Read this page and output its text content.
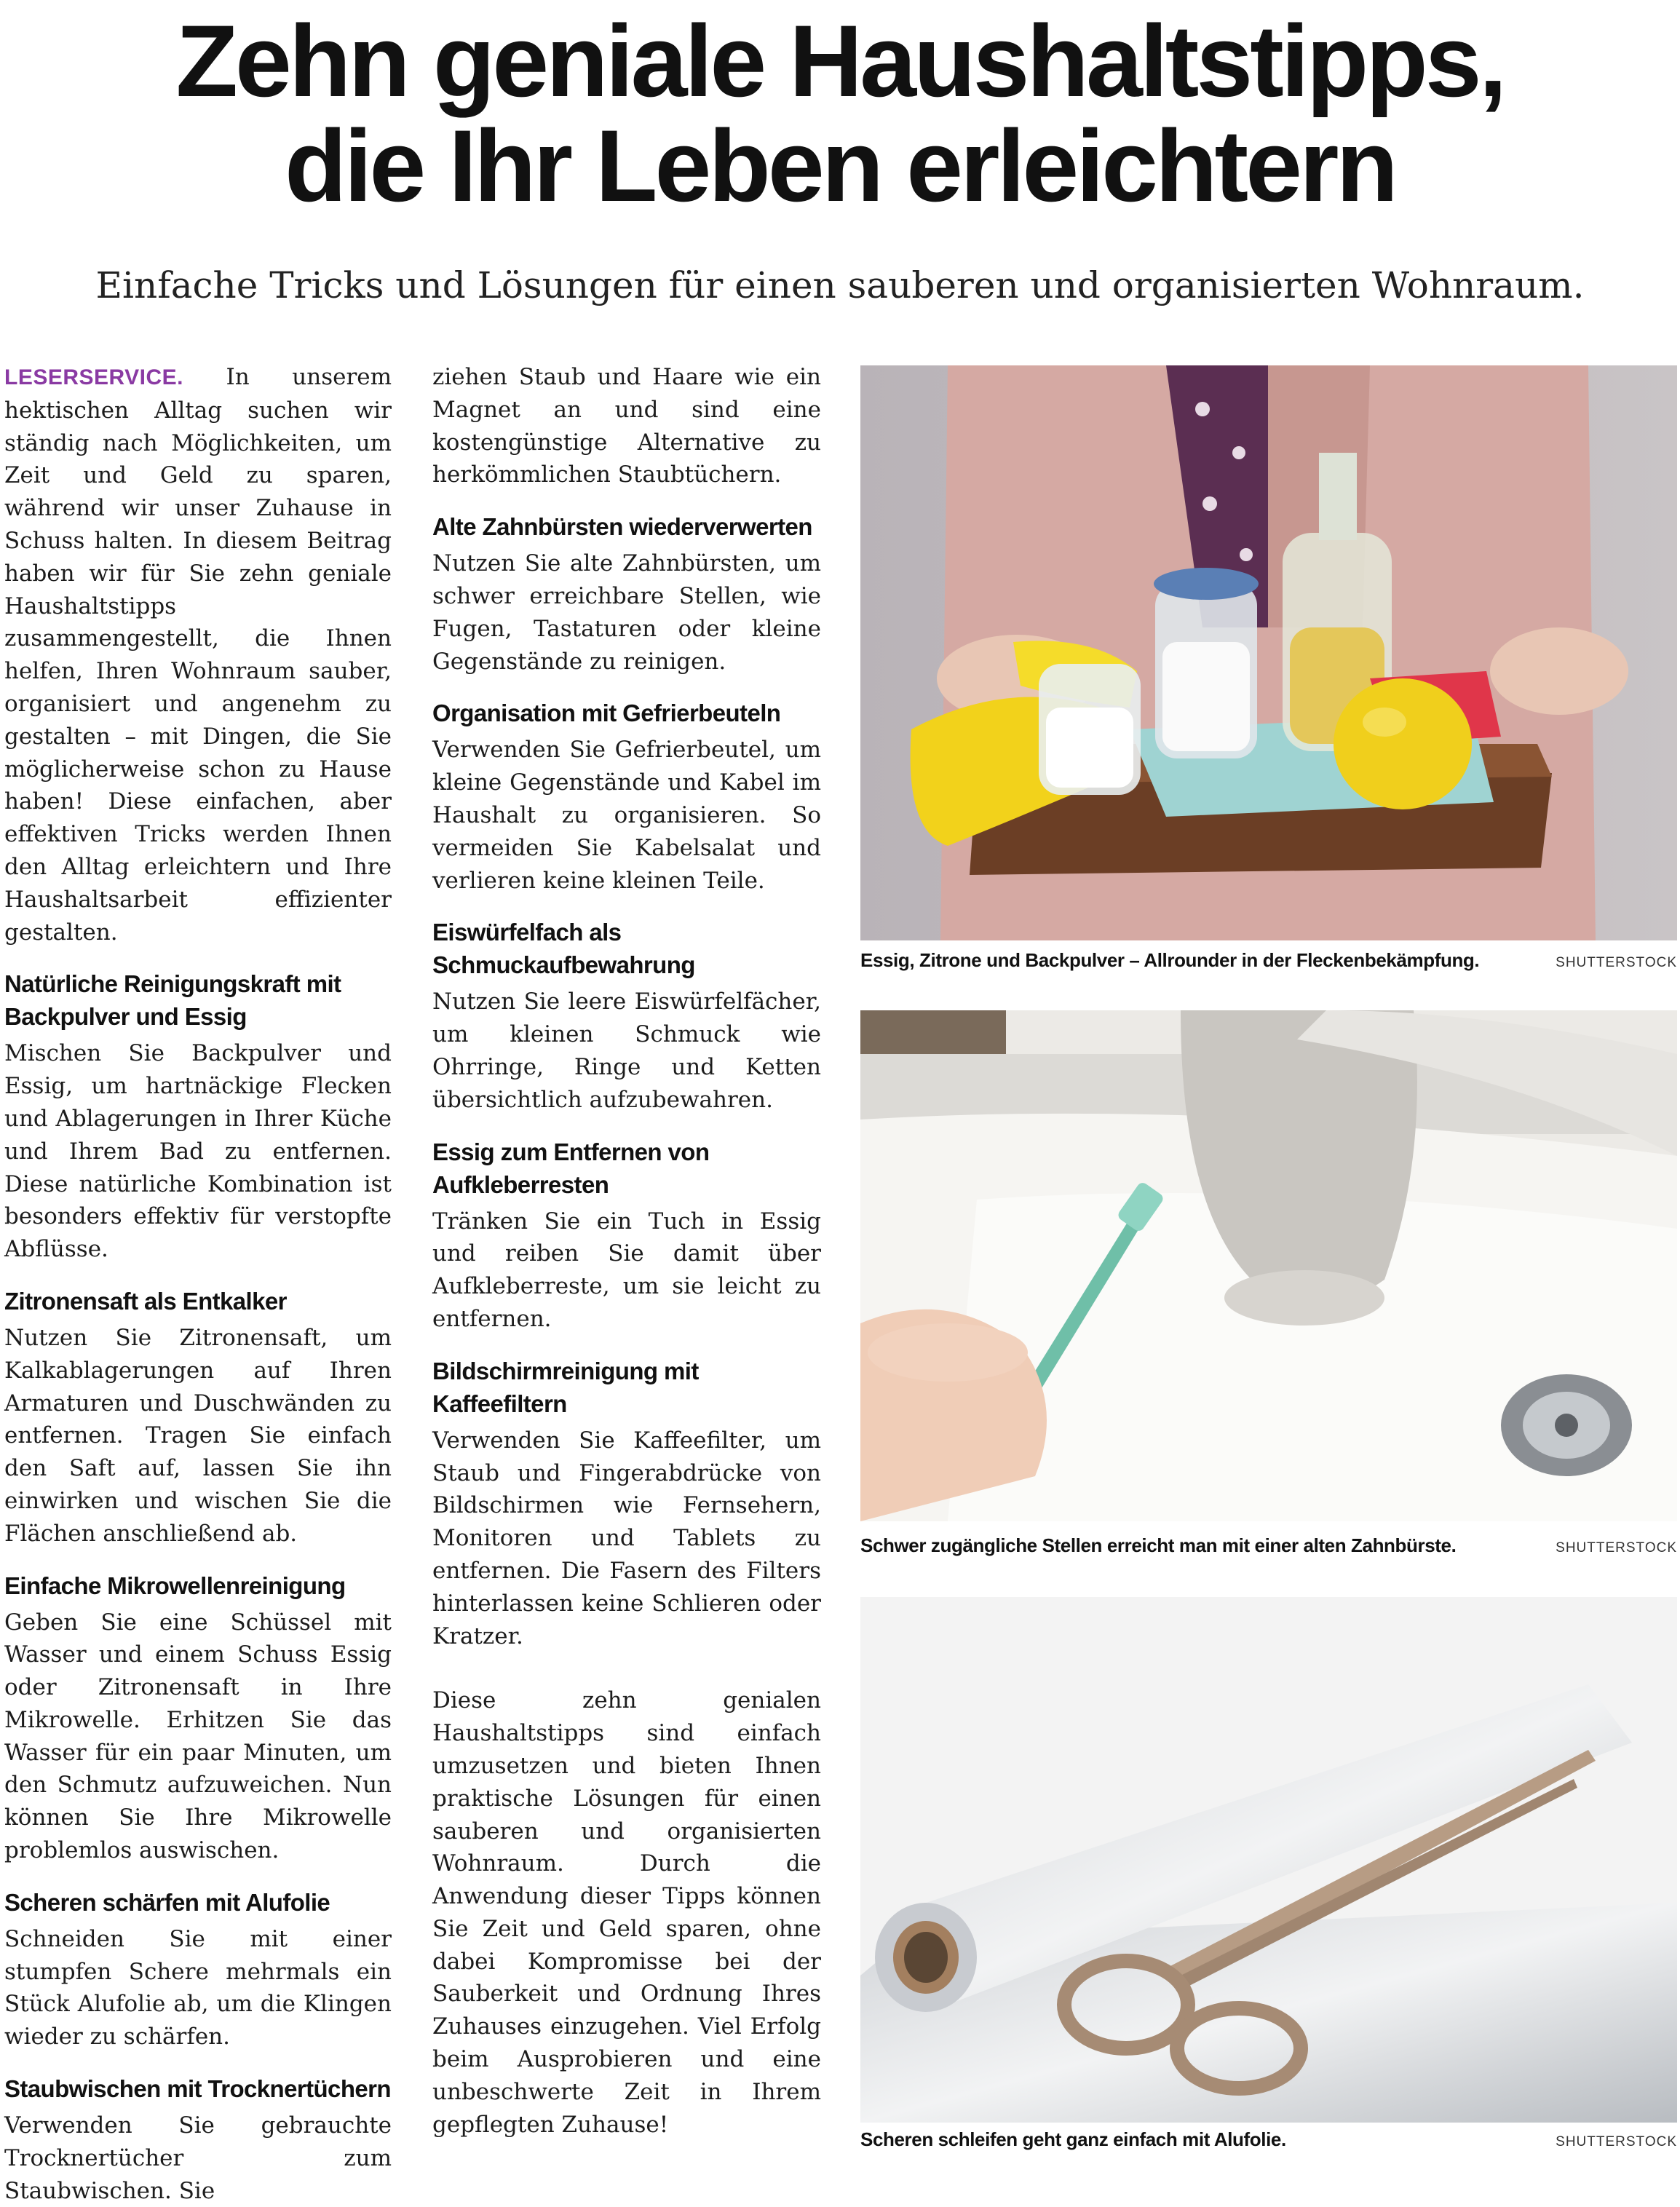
Zehn geniale Haushaltstipps,
die Ihr Leben erleichtern

Einfache Tricks und Lösungen für einen sauberen und organisierten Wohnraum.

LESERSERVICE. In unserem hektischen Alltag suchen wir ständig nach Möglichkeiten, um Zeit und Geld zu sparen, während wir unser Zuhause in Schuss halten. In diesem Beitrag haben wir für Sie zehn geniale Haushaltstipps zusammengestellt, die Ihnen helfen, Ihren Wohnraum sauber, organisiert und angenehm zu gestalten – mit Dingen, die Sie möglicherweise schon zu Hause haben! Diese einfachen, aber effektiven Tricks werden Ihnen den Alltag erleichtern und Ihre Haushaltsarbeit effizienter gestalten.

Natürliche Reinigungskraft mit Backpulver und Essig

Mischen Sie Backpulver und Essig, um hartnäckige Flecken und Ablagerungen in Ihrer Küche und Ihrem Bad zu entfernen. Diese natürliche Kombination ist besonders effektiv für verstopfte Abflüsse.

Zitronensaft als Entkalker

Nutzen Sie Zitronensaft, um Kalkablagerungen auf Ihren Armaturen und Duschwänden zu entfernen. Tragen Sie einfach den Saft auf, lassen Sie ihn einwirken und wischen Sie die Flächen anschließend ab.

Einfache Mikrowellenreinigung

Geben Sie eine Schüssel mit Wasser und einem Schuss Essig oder Zitronensaft in Ihre Mikrowelle. Erhitzen Sie das Wasser für ein paar Minuten, um den Schmutz aufzuweichen. Nun können Sie Ihre Mikrowelle problemlos auswischen.

Scheren schärfen mit Alufolie

Schneiden Sie mit einer stumpfen Schere mehrmals ein Stück Alufolie ab, um die Klingen wieder zu schärfen.

Staubwischen mit Trocknertüchern

Verwenden Sie gebrauchte Trocknertücher zum Staubwischen. Sie

ziehen Staub und Haare wie ein Magnet an und sind eine kostengünstige Alternative zu herkömmlichen Staubtüchern.

Alte Zahnbürsten wiederverwerten

Nutzen Sie alte Zahnbürsten, um schwer erreichbare Stellen, wie Fugen, Tastaturen oder kleine Gegenstände zu reinigen.

Organisation mit Gefrierbeuteln

Verwenden Sie Gefrierbeutel, um kleine Gegenstände und Kabel im Haushalt zu organisieren. So vermeiden Sie Kabelsalat und verlieren keine kleinen Teile.

Eiswürfelfach als Schmuckaufbewahrung

Nutzen Sie leere Eiswürfelfächer, um kleinen Schmuck wie Ohrringe, Ringe und Ketten übersichtlich aufzubewahren.

Essig zum Entfernen von Aufkleberresten

Tränken Sie ein Tuch in Essig und reiben Sie damit über Aufkleberreste, um sie leicht zu entfernen.

Bildschirmreinigung mit Kaffeefiltern

Verwenden Sie Kaffeefilter, um Staub und Fingerabdrücke von Bildschirmen wie Fernsehern, Monitoren und Tablets zu entfernen. Die Fasern des Filters hinterlassen keine Schlieren oder Kratzer.

Diese zehn genialen Haushaltstipps sind einfach umzusetzen und bieten Ihnen praktische Lösungen für einen sauberen und organisierten Wohnraum. Durch die Anwendung dieser Tipps können Sie Zeit und Geld sparen, ohne dabei Kompromisse bei der Sauberkeit und Ordnung Ihres Zuhauses einzugehen. Viel Erfolg beim Ausprobieren und eine unbeschwerte Zeit in Ihrem gepflegten Zuhause!

Essig, Zitrone und Backpulver – Allrounder in der Fleckenbekämpfung.	SHUTTERSTOCK
Schwer zugängliche Stellen erreicht man mit einer alten Zahnbürste.	SHUTTERSTOCK
Scheren schleifen geht ganz einfach mit Alufolie.	SHUTTERSTOCK
